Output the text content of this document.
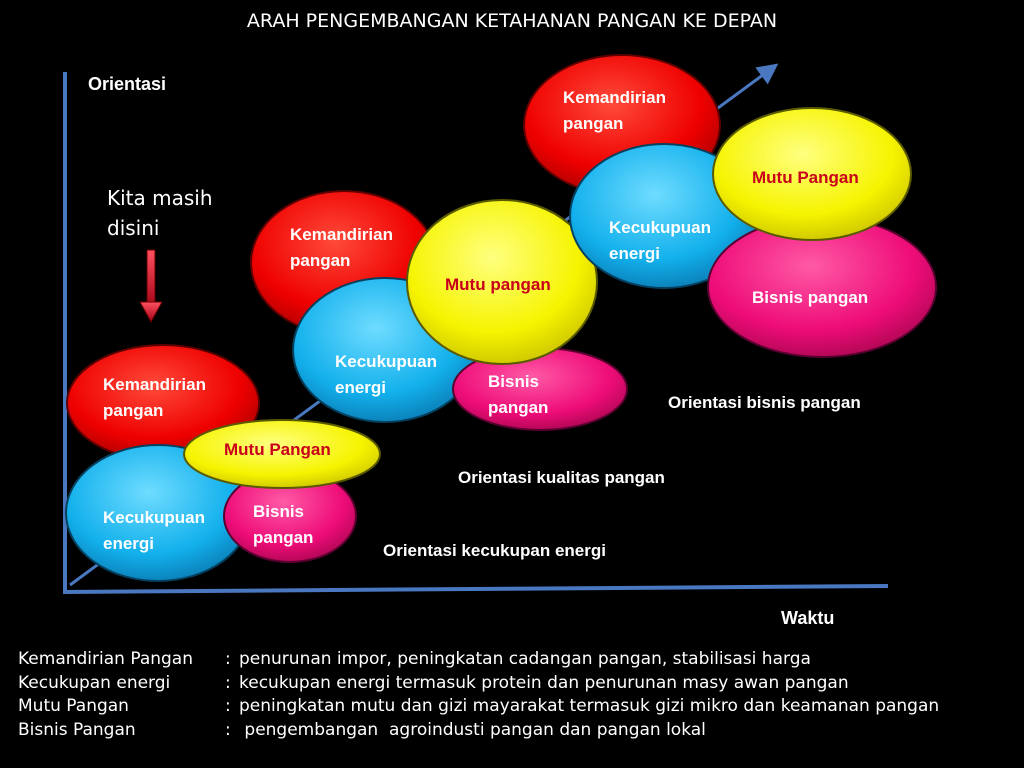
ARAH PENGEMBANGAN KETAHANAN PANGAN KE DEPAN
Orientasi
Waktu
Kita masih disini
Kemandirian pangan
Kecukupuan energi
Mutu Pangan
Bisnis pangan
Kemandirian pangan
Kecukupuan energi
Mutu pangan
Bisnis pangan
Kemandirian pangan
Kecukupuan energi
Mutu Pangan
Bisnis pangan
Orientasi bisnis pangan
Orientasi kualitas pangan
Orientasi kecukupan energi
Kemandirian Pangan	: penurunan impor, peningkatan cadangan pangan, stabilisasi harga
Kecukupan energi	: kecukupan energi termasuk protein dan penurunan masy awan pangan
Mutu Pangan	: peningkatan mutu dan gizi mayarakat termasuk gizi mikro dan keamanan pangan
Bisnis Pangan	: pengembangan  agroindusti pangan dan pangan lokal
